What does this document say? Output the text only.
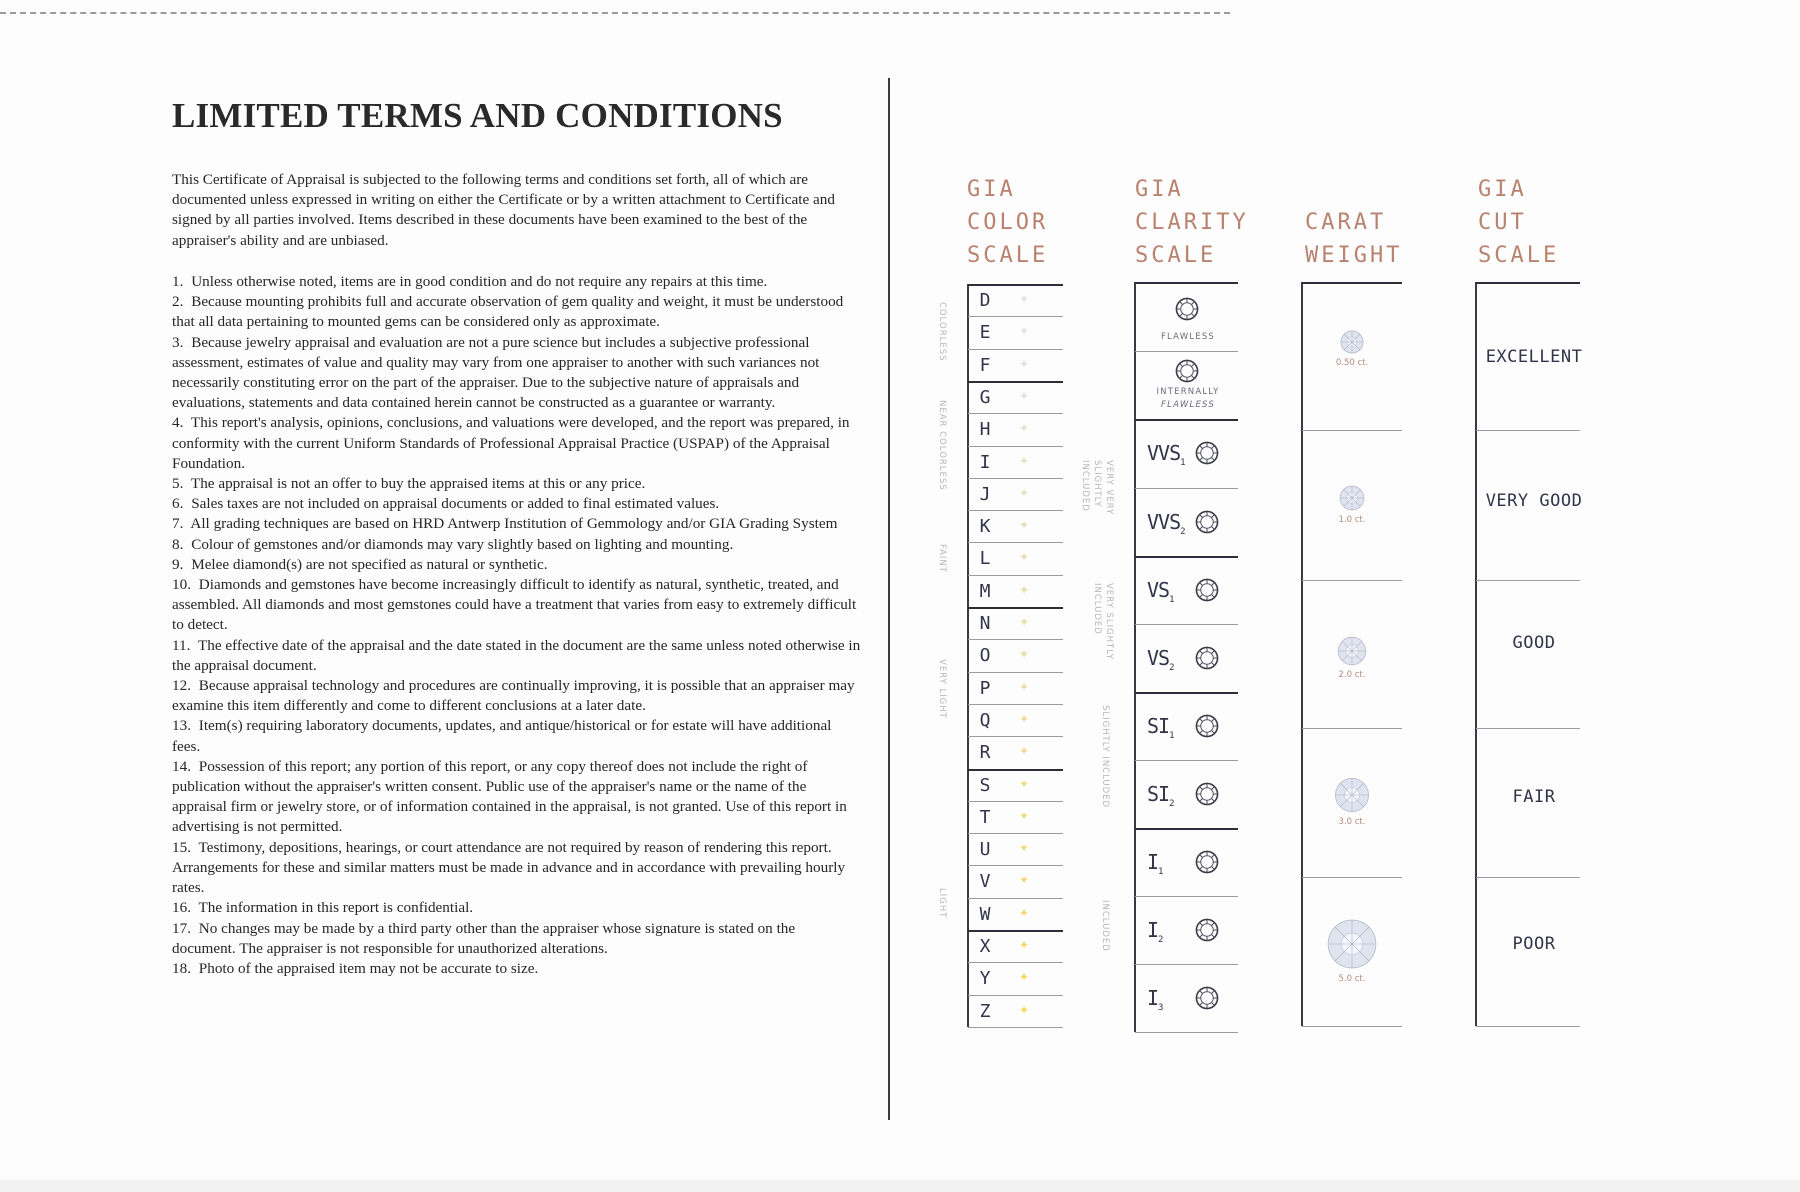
LIMITED TERMS AND CONDITIONS
This Certificate of Appraisal is subjected to the following terms and conditions set forth, all of which are documented unless expressed in writing on either the Certificate or by a written attachment to Certificate and signed by all parties involved. Items described in these documents have been examined to the best of the appraiser's ability and are unbiased.
1. Unless otherwise noted, items are in good condition and do not require any repairs at this time.
2. Because mounting prohibits full and accurate observation of gem quality and weight, it must be understood that all data pertaining to mounted gems can be considered only as approximate.
3. Because jewelry appraisal and evaluation are not a pure science but includes a subjective professional assessment, estimates of value and quality may vary from one appraiser to another with such variances not necessarily constituting error on the part of the appraiser. Due to the subjective nature of appraisals and evaluations, statements and data contained herein cannot be constructed as a guarantee or warranty.
4. This report's analysis, opinions, conclusions, and valuations were developed, and the report was prepared, in conformity with the current Uniform Standards of Professional Appraisal Practice (USPAP) of the Appraisal Foundation.
5. The appraisal is not an offer to buy the appraised items at this or any price.
6. Sales taxes are not included on appraisal documents or added to final estimated values.
7. All grading techniques are based on HRD Antwerp Institution of Gemmology and/or GIA Grading System
8. Colour of gemstones and/or diamonds may vary slightly based on lighting and mounting.
9. Melee diamond(s) are not specified as natural or synthetic.
10. Diamonds and gemstones have become increasingly difficult to identify as natural, synthetic, treated, and assembled. All diamonds and most gemstones could have a treatment that varies from easy to extremely difficult to detect.
11. The effective date of the appraisal and the date stated in the document are the same unless noted otherwise in the appraisal document.
12. Because appraisal technology and procedures are continually improving, it is possible that an appraiser may examine this item differently and come to different conclusions at a later date.
13. Item(s) requiring laboratory documents, updates, and antique/historical or for estate will have additional fees.
14. Possession of this report; any portion of this report, or any copy thereof does not include the right of publication without the appraiser's written consent. Public use of the appraiser's name or the name of the appraisal firm or jewelry store, or of information contained in the appraisal, is not granted. Use of this report in advertising is not permitted.
15. Testimony, depositions, hearings, or court attendance are not required by reason of rendering this report. Arrangements for these and similar matters must be made in advance and in accordance with prevailing hourly rates.
16. The information in this report is confidential.
17. No changes may be made by a third party other than the appraiser whose signature is stated on the document. The appraiser is not responsible for unauthorized alterations.
18. Photo of the appraised item may not be accurate to size.
GIA
COLOR
SCALE
GIA
CLARITY
SCALE
CARAT
WEIGHT
GIA
CUT
SCALE
COLORLESS
NEAR COLORLESS
FAINT
VERY LIGHT
LIGHT
VERY VERY SLIGHTLY INCLUDED
VERY SLIGHTLY INCLUDED
SLIGHTLY INCLUDED
INCLUDED
D	✦
E	✦
F	✦
G	✦
H	✦
I	✦
J	✦
K	✦
L	✦
M	✦
N	✦
O	✦
P	✦
Q	✦
R	✦
S	✦
T	✦
U	✦
V	✦
W	✦
X	✦
Y	✦
Z	✦
FLAWLESS
INTERNALLY
FLAWLESS
$VVS_1$
$VVS_2$
$VS_1$
$VS_2$
$SI_1$
$SI_2$
$I_1$
$I_2$
$I_3$
0.50 ct.
1.0 ct.
2.0 ct.
3.0 ct.
5.0 ct.
EXCELLENT
VERY GOOD
GOOD
FAIR
POOR
